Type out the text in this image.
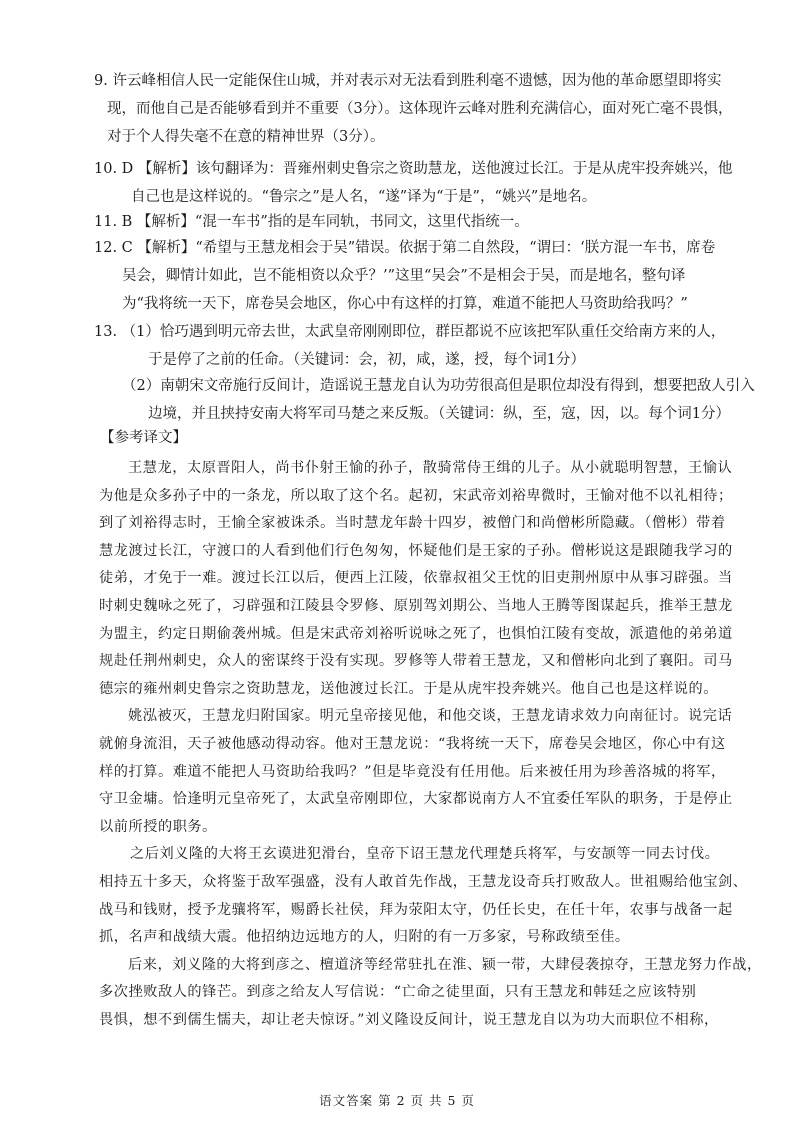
9. 许云峰相信人民一定能保住山城，并对表示对无法看到胜利毫不遗憾，因为他的革命愿望即将实
现，而他自己是否能够看到并不重要（3分）。这体现许云峰对胜利充满信心，面对死亡毫不畏惧，
对于个人得失毫不在意的精神世界（3分）。
10. D 【解析】该句翻译为：晋雍州刺史鲁宗之资助慧龙，送他渡过长江。于是从虎牢投奔姚兴，他
自己也是这样说的。“鲁宗之”是人名，“遂”译为“于是”，“姚兴”是地名。
11. B 【解析】“混一车书”指的是车同轨，书同文，这里代指统一。
12. C 【解析】“希望与王慧龙相会于吴”错误。依据于第二自然段，“谓曰：‘朕方混一车书，席卷
吴会，卿情计如此，岂不能相资以众乎？’”这里“吴会”不是相会于吴，而是地名，整句译
为“我将统一天下，席卷吴会地区，你心中有这样的打算，难道不能把人马资助给我吗？”
13. （1）恰巧遇到明元帝去世，太武皇帝刚刚即位，群臣都说不应该把军队重任交给南方来的人，
于是停了之前的任命。（关键词：会，初，咸，遂，授，每个词1分）
（2）南朝宋文帝施行反间计，造谣说王慧龙自认为功劳很高但是职位却没有得到，想要把敌人引入
边境，并且挟持安南大将军司马楚之来反叛。（关键词：纵，至，寇，因，以。每个词1分）
【参考译文】
王慧龙，太原晋阳人，尚书仆射王愉的孙子，散骑常侍王缉的儿子。从小就聪明智慧，王愉认
为他是众多孙子中的一条龙，所以取了这个名。起初，宋武帝刘裕卑微时，王愉对他不以礼相待；
到了刘裕得志时，王愉全家被诛杀。当时慧龙年龄十四岁，被僧门和尚僧彬所隐藏。（僧彬）带着
慧龙渡过长江，守渡口的人看到他们行色匆匆，怀疑他们是王家的子孙。僧彬说这是跟随我学习的
徒弟，才免于一难。渡过长江以后，便西上江陵，依靠叔祖父王忱的旧吏荆州原中从事习辟强。当
时刺史魏咏之死了，习辟强和江陵县令罗修、原别驾刘期公、当地人王腾等图谋起兵，推举王慧龙
为盟主，约定日期偷袭州城。但是宋武帝刘裕听说咏之死了，也惧怕江陵有变故，派遣他的弟弟道
规赴任荆州刺史，众人的密谋终于没有实现。罗修等人带着王慧龙，又和僧彬向北到了襄阳。司马
德宗的雍州刺史鲁宗之资助慧龙，送他渡过长江。于是从虎牢投奔姚兴。他自己也是这样说的。
姚泓被灭，王慧龙归附国家。明元皇帝接见他，和他交谈，王慧龙请求效力向南征讨。说完话
就俯身流泪，天子被他感动得动容。他对王慧龙说：“我将统一天下，席卷吴会地区，你心中有这
样的打算。难道不能把人马资助给我吗？”但是毕竟没有任用他。后来被任用为珍善洛城的将军，
守卫金墉。恰逢明元皇帝死了，太武皇帝刚即位，大家都说南方人不宜委任军队的职务，于是停止
以前所授的职务。
之后刘义隆的大将王玄谟进犯滑台，皇帝下诏王慧龙代理楚兵将军，与安颉等一同去讨伐。
相持五十多天，众将鉴于敌军强盛，没有人敢首先作战，王慧龙设奇兵打败敌人。世祖赐给他宝剑、
战马和钱财，授予龙骧将军，赐爵长社侯，拜为荥阳太守，仍任长史，在任十年，农事与战备一起
抓，名声和战绩大震。他招纳边远地方的人，归附的有一万多家，号称政绩至佳。
后来，刘义隆的大将到彦之、檀道济等经常驻扎在淮、颍一带，大肆侵袭掠夺，王慧龙努力作战，
多次挫败敌人的锋芒。到彦之给友人写信说：“亡命之徒里面，只有王慧龙和韩廷之应该特别
畏惧，想不到儒生懦夫，却让老夫惊讶。”刘义隆设反间计，说王慧龙自以为功大而职位不相称，
语文答案 第 2 页 共 5 页
